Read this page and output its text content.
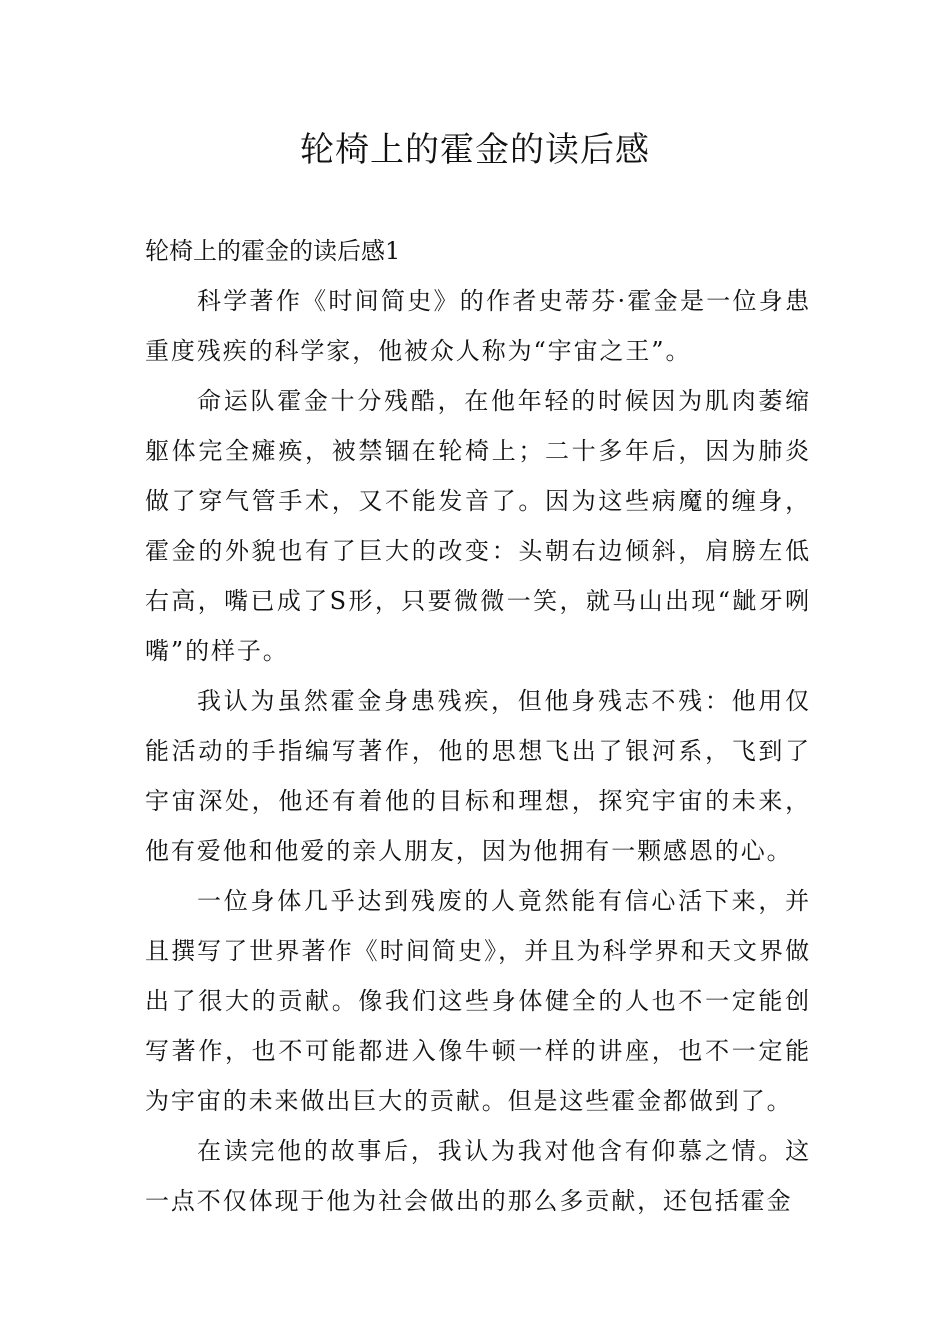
轮椅上的霍金的读后感

轮椅上的霍金的读后感1

科学著作《时间简史》的作者史蒂芬·霍金是一位身患重度残疾的科学家，他被众人称为“宇宙之王”。

命运队霍金十分残酷，在他年轻的时候因为肌肉萎缩躯体完全瘫痪，被禁锢在轮椅上；二十多年后，因为肺炎做了穿气管手术，又不能发音了。因为这些病魔的缠身，霍金的外貌也有了巨大的改变：头朝右边倾斜，肩膀左低右高，嘴已成了S形，只要微微一笑，就马山出现“龇牙咧嘴”的样子。

我认为虽然霍金身患残疾，但他身残志不残：他用仅能活动的手指编写著作，他的思想飞出了银河系，飞到了宇宙深处，他还有着他的目标和理想，探究宇宙的未来，他有爱他和他爱的亲人朋友，因为他拥有一颗感恩的心。

一位身体几乎达到残废的人竟然能有信心活下来，并且撰写了世界著作《时间简史》，并且为科学界和天文界做出了很大的贡献。像我们这些身体健全的人也不一定能创写著作，也不可能都进入像牛顿一样的讲座，也不一定能为宇宙的未来做出巨大的贡献。但是这些霍金都做到了。

在读完他的故事后，我认为我对他含有仰慕之情。这一点不仅体现于他为社会做出的那么多贡献，还包括霍金
